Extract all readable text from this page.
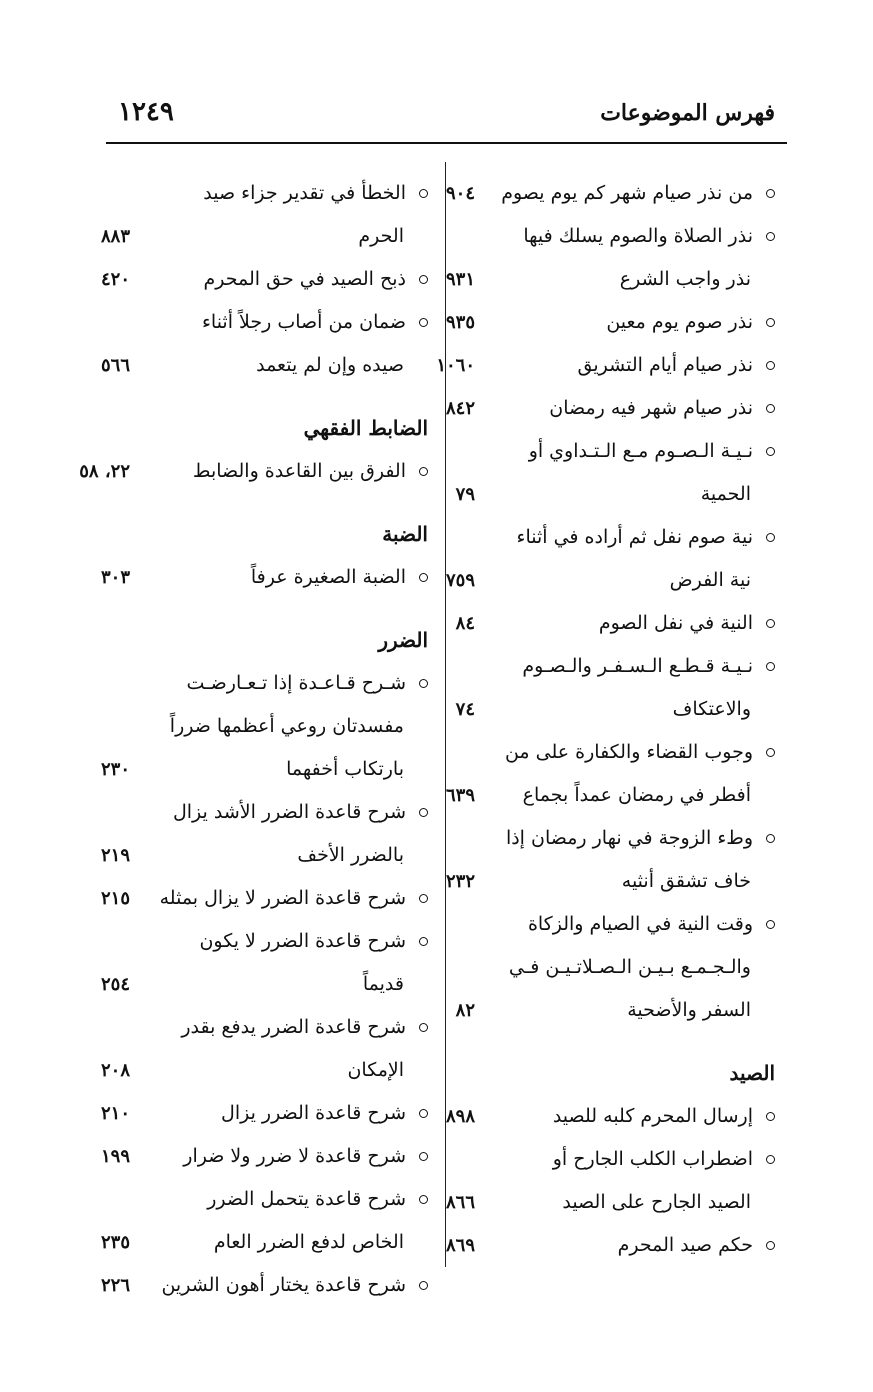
فهرس الموضوعات
١٢٤٩
من نذر صيام شهر كم يوم يصوم
٩٠٤
نذر الصلاة والصوم يسلك فيها
نذر واجب الشرع
٩٣١
نذر صوم يوم معين
٩٣٥
نذر صيام أيام التشريق
١٠٦٠
نذر صيام شهر فيه رمضان
٨٤٢
نـيـة الـصـوم مـع الـتـداوي أو
الحمية
٧٩
نية صوم نفل ثم أراده في أثناء
نية الفرض
٧٥٩
النية في نفل الصوم
٨٤
نـيـة قـطـع الـسـفـر والـصـوم
والاعتكاف
٧٤
وجوب القضاء والكفارة على من
أفطر في رمضان عمداً بجماع
٦٣٩
وطء الزوجة في نهار رمضان إذا
خاف تشقق أنثيه
٢٣٢
وقت النية في الصيام والزكاة
والـجـمـع بـيـن الـصـلاتـيـن فـي
السفر والأضحية
٨٢
الصيد
إرسال المحرم كلبه للصيد
٨٩٨
اضطراب الكلب الجارح أو
الصيد الجارح على الصيد
٨٦٦
حكم صيد المحرم
٨٦٩
الخطأ في تقدير جزاء صيد
الحرم
٨٨٣
ذبح الصيد في حق المحرم
٤٢٠
ضمان من أصاب رجلاً أثناء
صيده وإن لم يتعمد
٥٦٦
الضابط الفقهي
الفرق بين القاعدة والضابط
٢٢، ٥٨
الضبة
الضبة الصغيرة عرفاً
٣٠٣
الضرر
شـرح قـاعـدة إذا تـعـارضـت
مفسدتان روعي أعظمها ضرراً
بارتكاب أخفهما
٢٣٠
شرح قاعدة الضرر الأشد يزال
بالضرر الأخف
٢١٩
شرح قاعدة الضرر لا يزال بمثله
٢١٥
شرح قاعدة الضرر لا يكون
قديماً
٢٥٤
شرح قاعدة الضرر يدفع بقدر
الإمكان
٢٠٨
شرح قاعدة الضرر يزال
٢١٠
شرح قاعدة لا ضرر ولا ضرار
١٩٩
شرح قاعدة يتحمل الضرر
الخاص لدفع الضرر العام
٢٣٥
شرح قاعدة يختار أهون الشرين
٢٢٦
